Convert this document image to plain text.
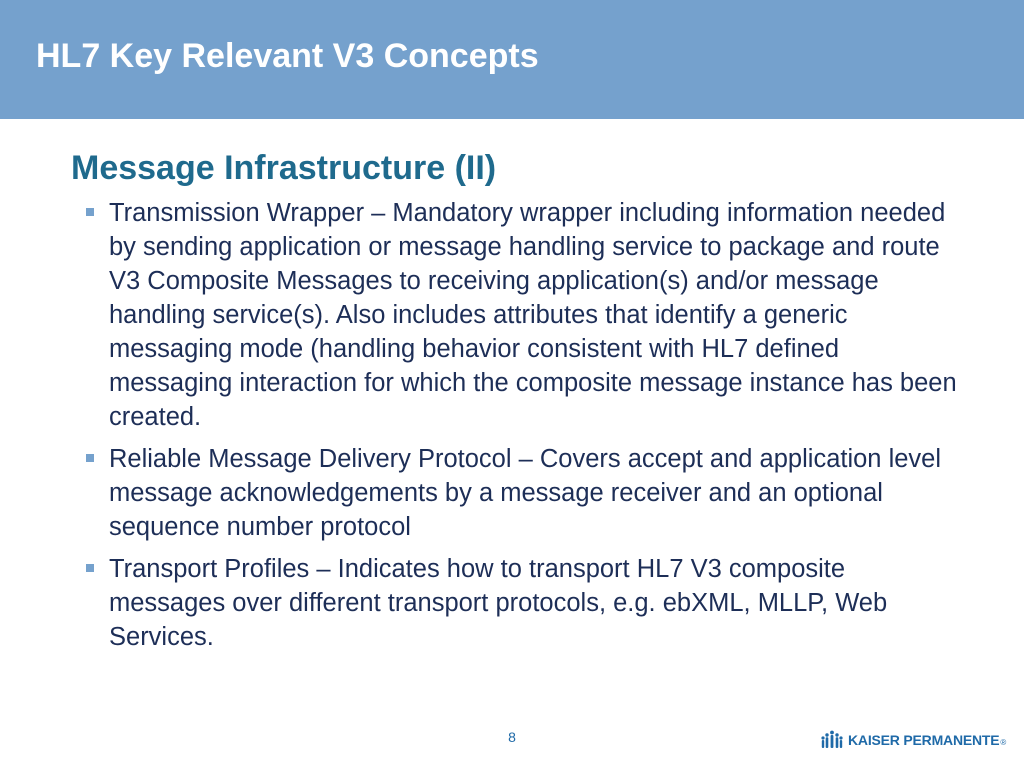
HL7 Key Relevant V3 Concepts
Message Infrastructure (II)
Transmission Wrapper – Mandatory wrapper including information needed by sending application or message handling service to package and route V3 Composite Messages to receiving application(s) and/or message handling service(s). Also includes attributes that identify a generic messaging mode (handling behavior consistent with HL7 defined messaging interaction for which the composite message instance has been created.
Reliable Message Delivery Protocol – Covers accept and application level message acknowledgements by a message receiver and an optional sequence number protocol
Transport Profiles – Indicates how to transport HL7 V3 composite messages over different transport protocols, e.g. ebXML, MLLP, Web Services.
8	KAISER PERMANENTE ®
